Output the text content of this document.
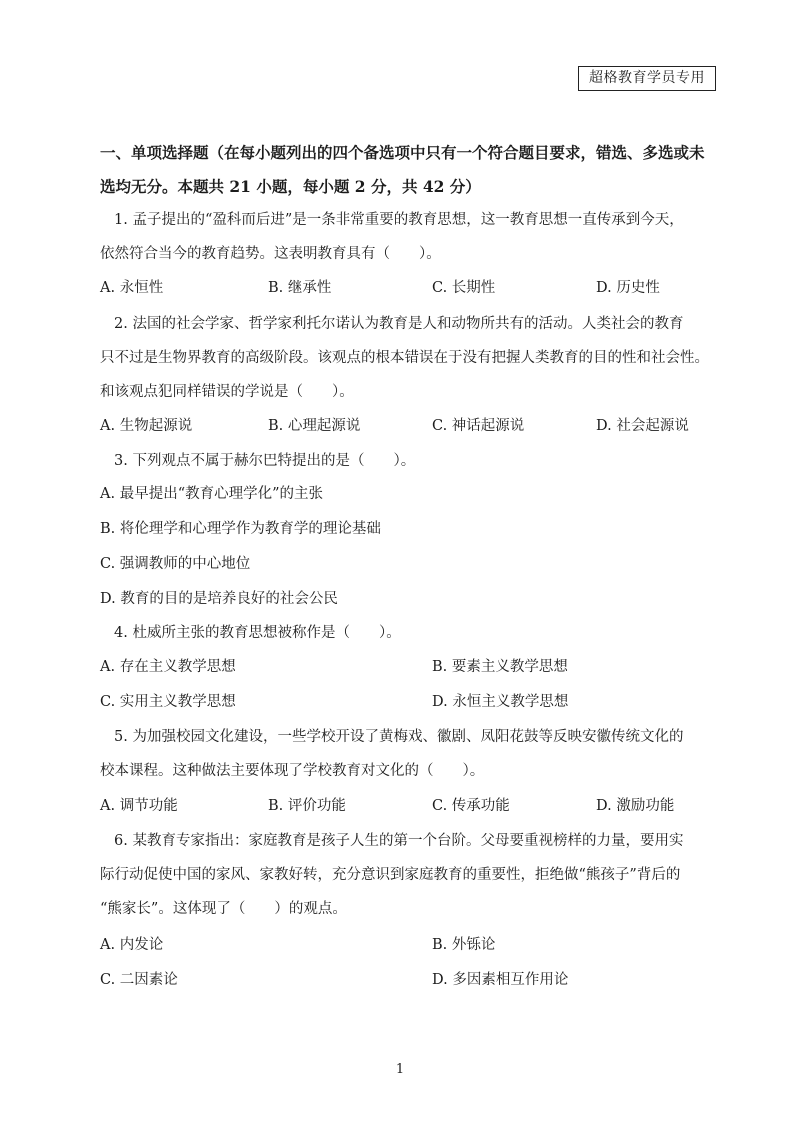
超格教育学员专用
一、单项选择题（在每小题列出的四个备选项中只有一个符合题目要求，错选、多选或未
选均无分。本题共 21 小题，每小题 2 分，共 42 分）
1. 孟子提出的“盈科而后进”是一条非常重要的教育思想，这一教育思想一直传承到今天，
依然符合当今的教育趋势。这表明教育具有（　　）。
A. 永恒性	B. 继承性	C. 长期性	D. 历史性
2. 法国的社会学家、哲学家利托尔诺认为教育是人和动物所共有的活动。人类社会的教育
只不过是生物界教育的高级阶段。该观点的根本错误在于没有把握人类教育的目的性和社会性。
和该观点犯同样错误的学说是（　　）。
A. 生物起源说	B. 心理起源说	C. 神话起源说	D. 社会起源说
3. 下列观点不属于赫尔巴特提出的是（　　）。
A. 最早提出“教育心理学化”的主张
B. 将伦理学和心理学作为教育学的理论基础
C. 强调教师的中心地位
D. 教育的目的是培养良好的社会公民
4. 杜威所主张的教育思想被称作是（　　）。
A. 存在主义教学思想	B. 要素主义教学思想
C. 实用主义教学思想	D. 永恒主义教学思想
5. 为加强校园文化建设，一些学校开设了黄梅戏、徽剧、凤阳花鼓等反映安徽传统文化的
校本课程。这种做法主要体现了学校教育对文化的（　　）。
A. 调节功能	B. 评价功能	C. 传承功能	D. 激励功能
6. 某教育专家指出：家庭教育是孩子人生的第一个台阶。父母要重视榜样的力量，要用实
际行动促使中国的家风、家教好转，充分意识到家庭教育的重要性，拒绝做“熊孩子”背后的
“熊家长”。这体现了（　　）的观点。
A. 内发论	B. 外铄论
C. 二因素论	D. 多因素相互作用论
1
